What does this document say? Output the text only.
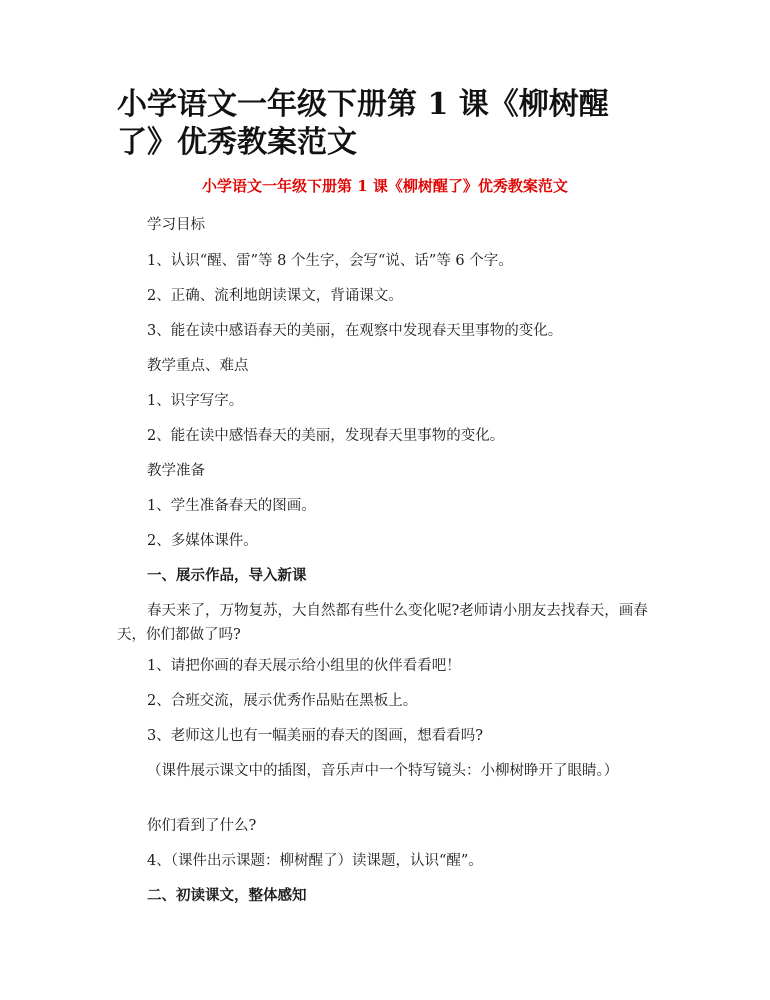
小学语文一年级下册第 1 课《柳树醒了》优秀教案范文
小学语文一年级下册第 1 课《柳树醒了》优秀教案范文

学习目标

1、认识“醒、雷”等 8 个生字，会写“说、话”等 6 个字。

2、正确、流利地朗读课文，背诵课文。

3、能在读中感语春天的美丽，在观察中发现春天里事物的变化。

教学重点、难点

1、识字写字。

2、能在读中感悟春天的美丽，发现春天里事物的变化。

教学准备

1、学生准备春天的图画。

2、多媒体课件。

一、展示作品，导入新课

春天来了，万物复苏，大自然都有些什么变化呢?老师请小朋友去找春天，画春天，你们都做了吗?

1、请把你画的春天展示给小组里的伙伴看看吧！

2、合班交流，展示优秀作品贴在黑板上。

3、老师这儿也有一幅美丽的春天的图画，想看看吗?

（课件展示课文中的插图，音乐声中一个特写镜头：小柳树睁开了眼睛。）

你们看到了什么?

4、（课件出示课题：柳树醒了）读课题，认识“醒”。

二、初读课文，整体感知
